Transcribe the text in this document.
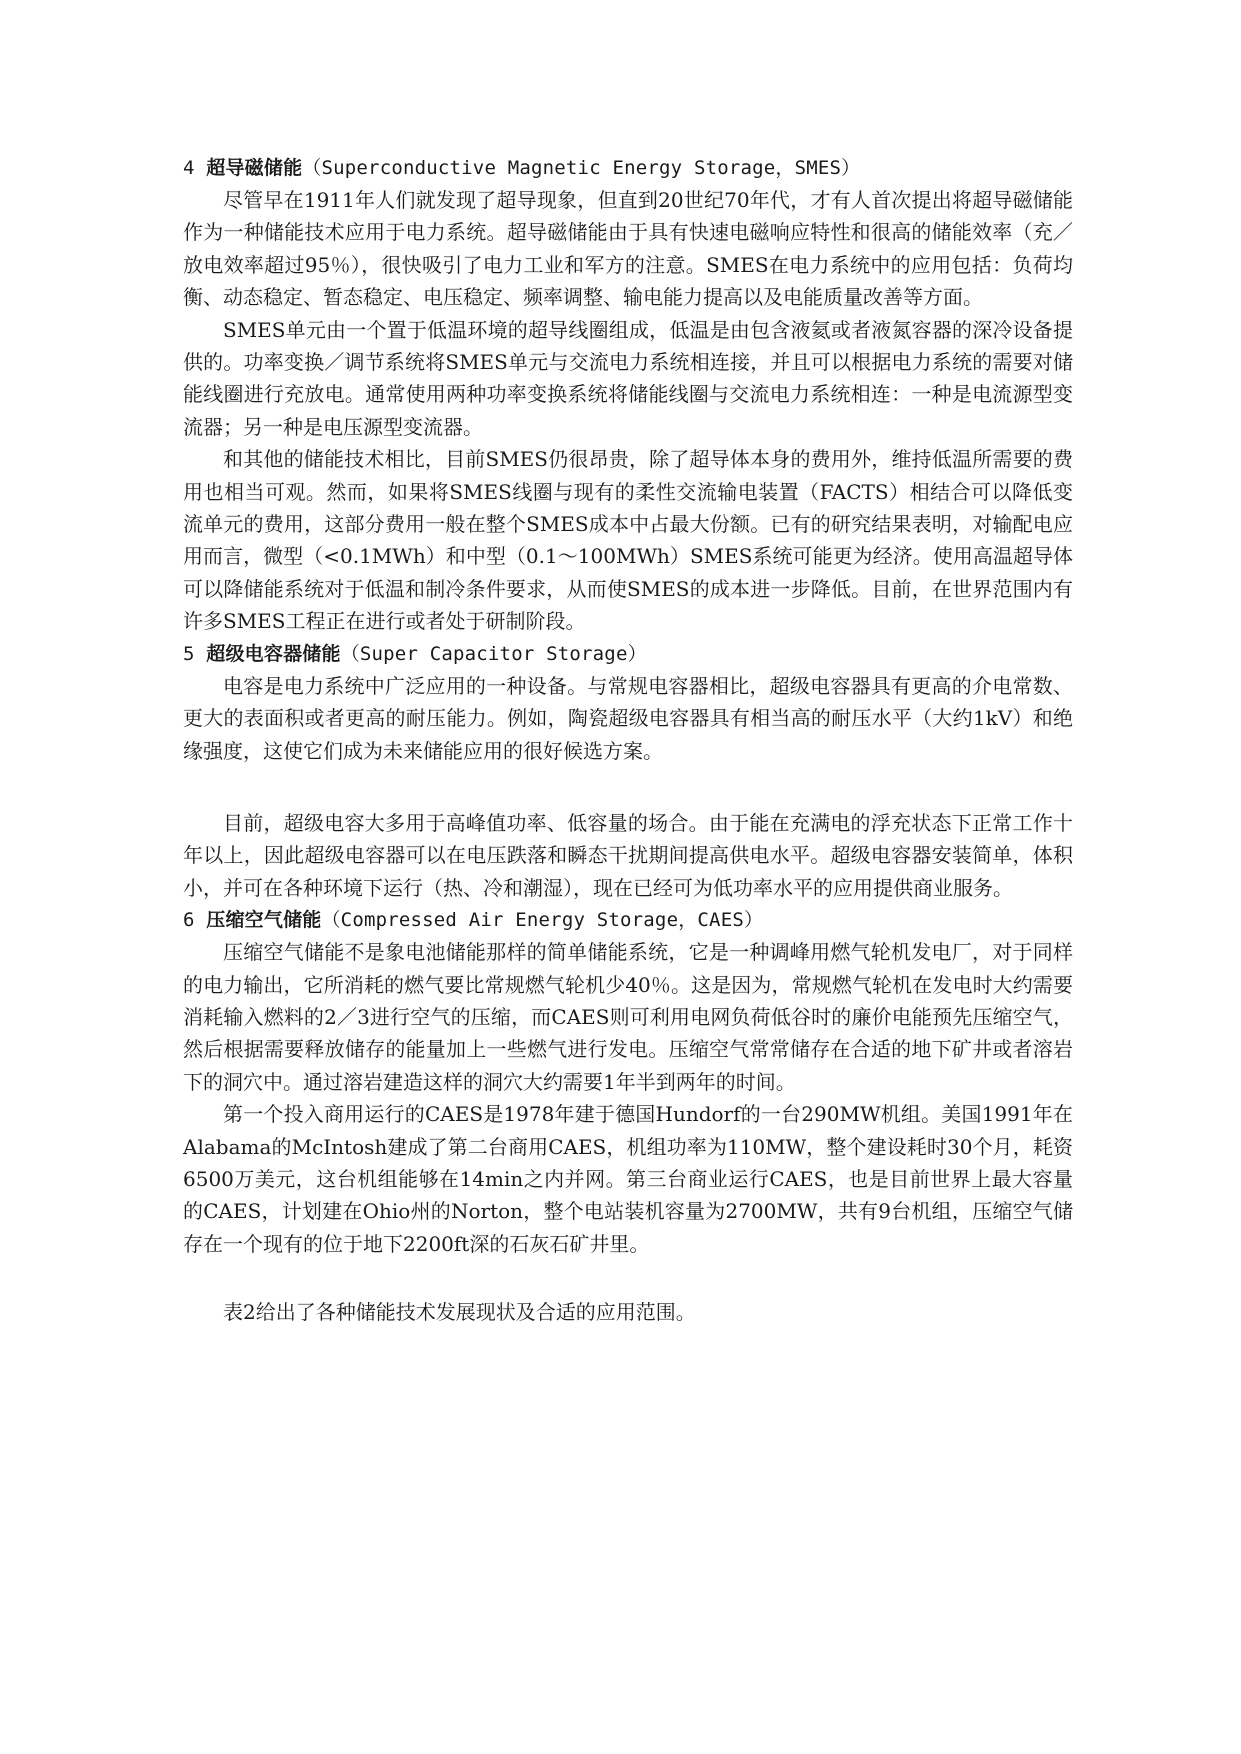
4 超导磁储能（Superconductive Magnetic Energy Storage，SMES）

尽管早在1911年人们就发现了超导现象，但直到20世纪70年代，才有人首次提出将超导磁储能作为一种储能技术应用于电力系统。超导磁储能由于具有快速电磁响应特性和很高的储能效率（充／放电效率超过95％），很快吸引了电力工业和军方的注意。SMES在电力系统中的应用包括：负荷均衡、动态稳定、暂态稳定、电压稳定、频率调整、输电能力提高以及电能质量改善等方面。

SMES单元由一个置于低温环境的超导线圈组成，低温是由包含液氦或者液氮容器的深冷设备提供的。功率变换／调节系统将SMES单元与交流电力系统相连接，并且可以根据电力系统的需要对储能线圈进行充放电。通常使用两种功率变换系统将储能线圈与交流电力系统相连：一种是电流源型变流器；另一种是电压源型变流器。

和其他的储能技术相比，目前SMES仍很昂贵，除了超导体本身的费用外，维持低温所需要的费用也相当可观。然而，如果将SMES线圈与现有的柔性交流输电装置（FACTS）相结合可以降低变流单元的费用，这部分费用一般在整个SMES成本中占最大份额。已有的研究结果表明，对输配电应用而言，微型（<0.1MWh）和中型（0.1～100MWh）SMES系统可能更为经济。使用高温超导体可以降储能系统对于低温和制冷条件要求，从而使SMES的成本进一步降低。目前，在世界范围内有许多SMES工程正在进行或者处于研制阶段。

5 超级电容器储能（Super Capacitor Storage）

电容是电力系统中广泛应用的一种设备。与常规电容器相比，超级电容器具有更高的介电常数、更大的表面积或者更高的耐压能力。例如，陶瓷超级电容器具有相当高的耐压水平（大约1kV）和绝缘强度，这使它们成为未来储能应用的很好候选方案。

目前，超级电容大多用于高峰值功率、低容量的场合。由于能在充满电的浮充状态下正常工作十年以上，因此超级电容器可以在电压跌落和瞬态干扰期间提高供电水平。超级电容器安装简单，体积小，并可在各种环境下运行（热、冷和潮湿），现在已经可为低功率水平的应用提供商业服务。

6 压缩空气储能（Compressed Air Energy Storage，CAES）

压缩空气储能不是象电池储能那样的简单储能系统，它是一种调峰用燃气轮机发电厂，对于同样的电力输出，它所消耗的燃气要比常规燃气轮机少40％。这是因为，常规燃气轮机在发电时大约需要消耗输入燃料的2／3进行空气的压缩，而CAES则可利用电网负荷低谷时的廉价电能预先压缩空气，然后根据需要释放储存的能量加上一些燃气进行发电。压缩空气常常储存在合适的地下矿井或者溶岩下的洞穴中。通过溶岩建造这样的洞穴大约需要1年半到两年的时间。

第一个投入商用运行的CAES是1978年建于德国Hundorf的一台290MW机组。美国1991年在Alabama的McIntosh建成了第二台商用CAES，机组功率为110MW，整个建设耗时30个月，耗资6500万美元，这台机组能够在14min之内并网。第三台商业运行CAES，也是目前世界上最大容量的CAES，计划建在Ohio州的Norton，整个电站装机容量为2700MW，共有9台机组，压缩空气储存在一个现有的位于地下2200ft深的石灰石矿井里。

表2给出了各种储能技术发展现状及合适的应用范围。
